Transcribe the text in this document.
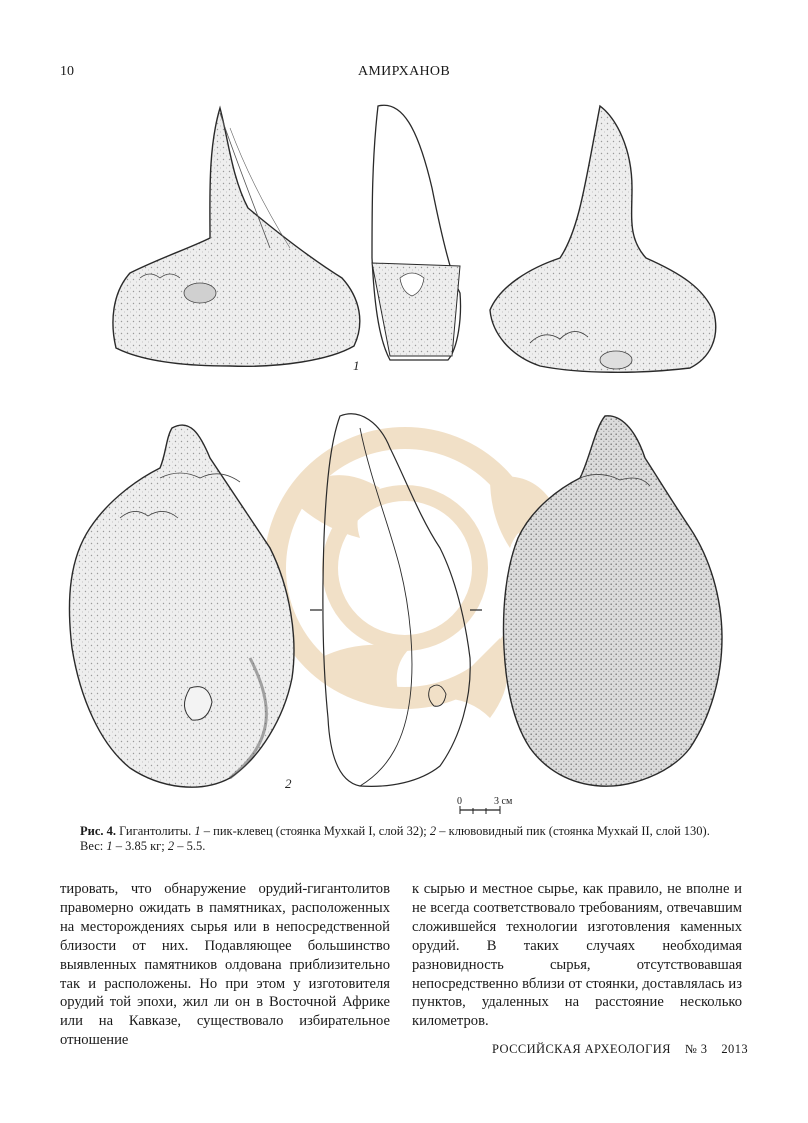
10	АМИРХАНОВ
1
2
0	3 см
Рис. 4. Гигантолиты. 1 – пик-клевец (стоянка Мухкай I, слой 32); 2 – клювовидный пик (стоянка Мухкай II, слой 130).
Вес: 1 – 3.85 кг; 2 – 5.5.
тировать, что обнаружение орудий-гигантолитов правомерно ожидать в памятниках, расположенных на месторождениях сырья или в непосредственной близости от них. Подавляющее большинство выявленных памятников олдована приблизительно так и расположены. Но при этом у изготовителя орудий той эпохи, жил ли он в Восточной Африке или на Кавказе, существовало избирательное отношение
к сырью и местное сырье, как правило, не вполне и не всегда соответствовало требованиям, отвечавшим сложившейся технологии изготовления каменных орудий. В таких случаях необходимая разновидность сырья, отсутствовавшая непосредственно вблизи от стоянки, доставлялась из пунктов, удаленных на расстояние несколько километров.
РОССИЙСКАЯ АРХЕОЛОГИЯ № 3 2013
